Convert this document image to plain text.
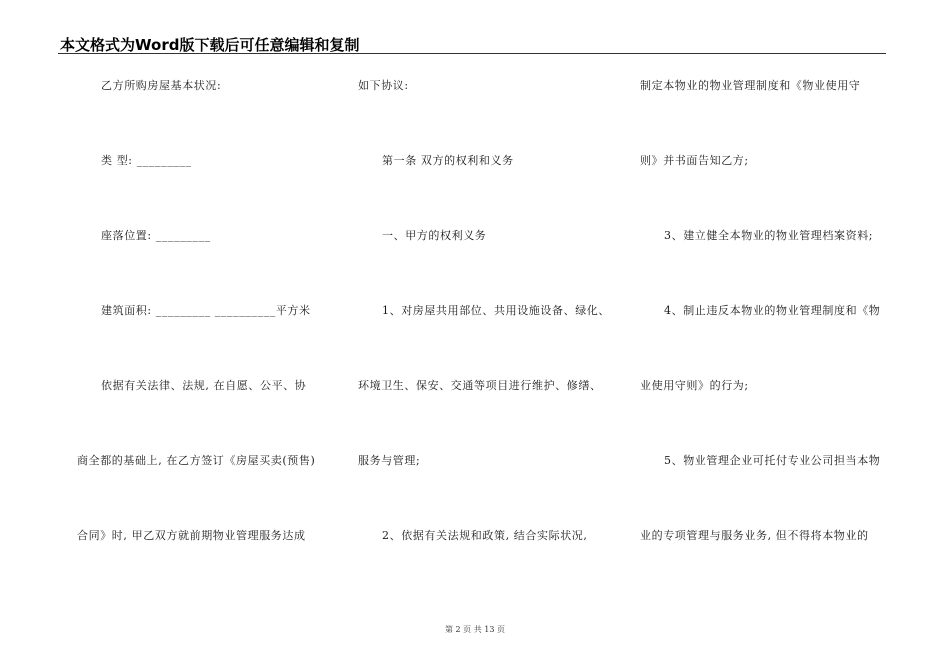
本文格式为Word版下载后可任意编辑和复制
乙方所购房屋基本状况:
类 型: _________
座落位置: _________
建筑面积: _________ __________平方米
依据有关法律、法规, 在自愿、公平、协
商全都的基础上, 在乙方签订《房屋买卖(预售)
合同》时, 甲乙双方就前期物业管理服务达成
如下协议:
第一条 双方的权利和义务
一、甲方的权利义务
1、对房屋共用部位、共用设施设备、绿化、
环境卫生、保安、交通等项目进行维护、修缮、
服务与管理;
2、依据有关法规和政策, 结合实际状况,
制定本物业的物业管理制度和《物业使用守
则》并书面告知乙方;
3、建立健全本物业的物业管理档案资料;
4、制止违反本物业的物业管理制度和《物
业使用守则》的行为;
5、物业管理企业可托付专业公司担当本物
业的专项管理与服务业务, 但不得将本物业的
第 2 页 共 13 页
